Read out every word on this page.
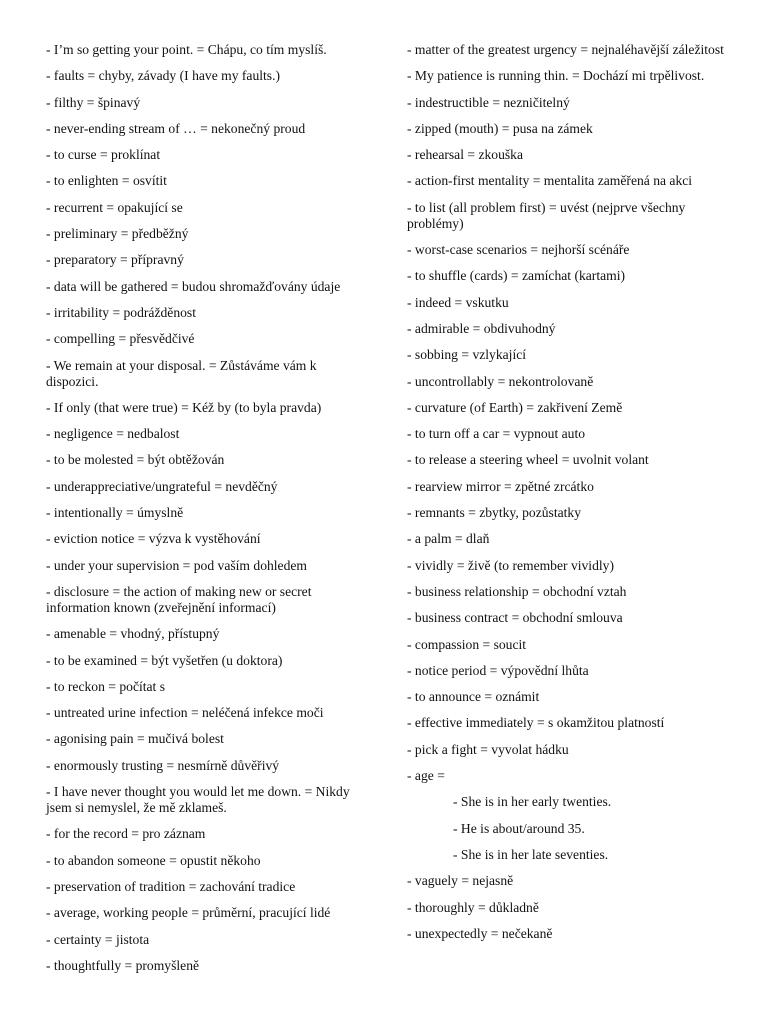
- I’m so getting your point. = Chápu, co tím myslíš.
- faults = chyby, závady (I have my faults.)
- filthy = špinavý
- never-ending stream of … = nekonečný proud
- to curse = proklínat
- to enlighten = osvítit
- recurrent = opakující se
- preliminary = předběžný
- preparatory = přípravný
- data will be gathered = budou shromažďovány údaje
- irritability = podrážděnost
- compelling = přesvědčivé
- We remain at your disposal. = Zůstáváme vám k dispozici.
- If only (that were true) = Kéž by (to byla pravda)
- negligence = nedbalost
- to be molested = být obtěžován
- underappreciative/ungrateful = nevděčný
- intentionally = úmyslně
- eviction notice = výzva k vystěhování
- under your supervision = pod vaším dohledem
- disclosure = the action of making new or secret information known (zveřejnění informací)
- amenable = vhodný, přístupný
- to be examined = být vyšetřen (u doktora)
- to reckon = počítat s
- untreated urine infection = neléčená infekce moči
- agonising pain = mučivá bolest
- enormously trusting = nesmírně důvěřivý
- I have never thought you would let me down. = Nikdy jsem si nemyslel, že mě zklameš.
- for the record = pro záznam
- to abandon someone = opustit někoho
- preservation of tradition = zachování tradice
- average, working people = průměrní, pracující lidé
- certainty = jistota
- thoughtfully = promyšleně
- matter of the greatest urgency = nejnaléhavější záležitost
- My patience is running thin. = Dochází mi trpělivost.
- indestructible = nezničitelný
- zipped (mouth) = pusa na zámek
- rehearsal = zkouška
- action-first mentality = mentalita zaměřená na akci
- to list (all problem first) = uvést (nejprve všechny problémy)
- worst-case scenarios = nejhorší scénáře
- to shuffle (cards) = zamíchat (kartami)
- indeed = vskutku
- admirable = obdivuhodný
- sobbing = vzlykající
- uncontrollably = nekontrolovaně
- curvature (of Earth) = zakřivení Země
- to turn off a car = vypnout auto
- to release a steering wheel = uvolnit volant
- rearview mirror = zpětné zrcátko
- remnants = zbytky, pozůstatky
- a palm = dlaň
- vividly = živě (to remember vividly)
- business relationship = obchodní vztah
- business contract = obchodní smlouva
- compassion = soucit
- notice period = výpovědní lhůta
- to announce = oznámit
- effective immediately = s okamžitou platností
- pick a fight = vyvolat hádku
- age =
- She is in her early twenties.
- He is about/around 35.
- She is in her late seventies.
- vaguely = nejasně
- thoroughly = důkladně
- unexpectedly = nečekaně
